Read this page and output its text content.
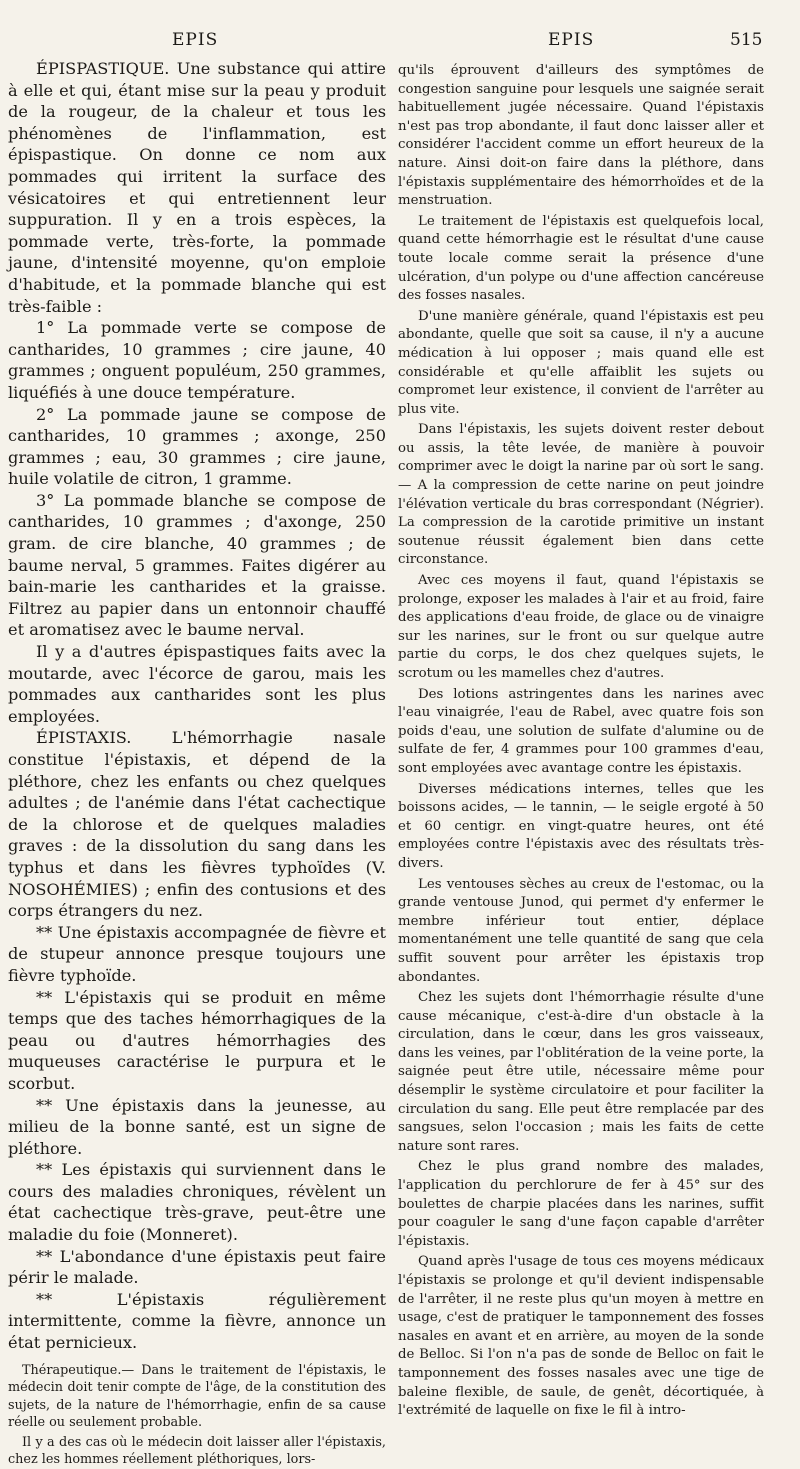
EPIS	EPIS	515

ÉPISPASTIQUE. Une substance qui attire à elle et qui, étant mise sur la peau y produit de la rougeur, de la chaleur et tous les phénomènes de l'inflammation, est épispastique. On donne ce nom aux pommades qui irritent la surface des vésicatoires et qui entretiennent leur suppuration. Il y en a trois espèces, la pommade verte, très-forte, la pommade jaune, d'intensité moyenne, qu'on emploie d'habitude, et la pommade blanche qui est très-faible :

1° La pommade verte se compose de cantharides, 10 grammes ; cire jaune, 40 grammes ; onguent populéum, 250 grammes, liquéfiés à une douce température.

2° La pommade jaune se compose de cantharides, 10 grammes ; axonge, 250 grammes ; eau, 30 grammes ; cire jaune, huile volatile de citron, 1 gramme.

3° La pommade blanche se compose de cantharides, 10 grammes ; d'axonge, 250 gram. de cire blanche, 40 grammes ; de baume nerval, 5 grammes. Faites digérer au bain-marie les cantharides et la graisse. Filtrez au papier dans un entonnoir chauffé et aromatisez avec le baume nerval.

Il y a d'autres épispastiques faits avec la moutarde, avec l'écorce de garou, mais les pommades aux cantharides sont les plus employées.

ÉPISTAXIS. L'hémorrhagie nasale constitue l'épistaxis, et dépend de la pléthore, chez les enfants ou chez quelques adultes ; de l'anémie dans l'état cachectique de la chlorose et de quelques maladies graves : de la dissolution du sang dans les typhus et dans les fièvres typhoïdes (V. NOSOHÉMIES) ; enfin des contusions et des corps étrangers du nez.

** Une épistaxis accompagnée de fièvre et de stupeur annonce presque toujours une fièvre typhoïde.

** L'épistaxis qui se produit en même temps que des taches hémorrhagiques de la peau ou d'autres hémorrhagies des muqueuses caractérise le purpura et le scorbut.

** Une épistaxis dans la jeunesse, au milieu de la bonne santé, est un signe de pléthore.

** Les épistaxis qui surviennent dans le cours des maladies chroniques, révèlent un état cachectique très-grave, peut-être une maladie du foie (Monneret).

** L'abondance d'une épistaxis peut faire périr le malade.

** L'épistaxis régulièrement intermittente, comme la fièvre, annonce un état pernicieux.

Thérapeutique.— Dans le traitement de l'épistaxis, le médecin doit tenir compte de l'âge, de la constitution des sujets, de la nature de l'hémorrhagie, enfin de sa cause réelle ou seulement probable.

Il y a des cas où le médecin doit laisser aller l'épistaxis, chez les hommes réellement pléthoriques, lors-

qu'ils éprouvent d'ailleurs des symptômes de congestion sanguine pour lesquels une saignée serait habituellement jugée nécessaire. Quand l'épistaxis n'est pas trop abondante, il faut donc laisser aller et considérer l'accident comme un effort heureux de la nature. Ainsi doit-on faire dans la pléthore, dans l'épistaxis supplémentaire des hémorrhoïdes et de la menstruation.

Le traitement de l'épistaxis est quelquefois local, quand cette hémorrhagie est le résultat d'une cause toute locale comme serait la présence d'une ulcération, d'un polype ou d'une affection cancéreuse des fosses nasales.

D'une manière générale, quand l'épistaxis est peu abondante, quelle que soit sa cause, il n'y a aucune médication à lui opposer ; mais quand elle est considérable et qu'elle affaiblit les sujets ou compromet leur existence, il convient de l'arrêter au plus vite.

Dans l'épistaxis, les sujets doivent rester debout ou assis, la tête levée, de manière à pouvoir comprimer avec le doigt la narine par où sort le sang. — A la compression de cette narine on peut joindre l'élévation verticale du bras correspondant (Négrier). La compression de la carotide primitive un instant soutenue réussit également bien dans cette circonstance.

Avec ces moyens il faut, quand l'épistaxis se prolonge, exposer les malades à l'air et au froid, faire des applications d'eau froide, de glace ou de vinaigre sur les narines, sur le front ou sur quelque autre partie du corps, le dos chez quelques sujets, le scrotum ou les mamelles chez d'autres.

Des lotions astringentes dans les narines avec l'eau vinaigrée, l'eau de Rabel, avec quatre fois son poids d'eau, une solution de sulfate d'alumine ou de sulfate de fer, 4 grammes pour 100 grammes d'eau, sont employées avec avantage contre les épistaxis.

Diverses médications internes, telles que les boissons acides, — le tannin, — le seigle ergoté à 50 et 60 centigr. en vingt-quatre heures, ont été employées contre l'épistaxis avec des résultats très-divers.

Les ventouses sèches au creux de l'estomac, ou la grande ventouse Junod, qui permet d'y enfermer le membre inférieur tout entier, déplace momentanément une telle quantité de sang que cela suffit souvent pour arrêter les épistaxis trop abondantes.

Chez les sujets dont l'hémorrhagie résulte d'une cause mécanique, c'est-à-dire d'un obstacle à la circulation, dans le cœur, dans les gros vaisseaux, dans les veines, par l'oblitération de la veine porte, la saignée peut être utile, nécessaire même pour désemplir le système circulatoire et pour faciliter la circulation du sang. Elle peut être remplacée par des sangsues, selon l'occasion ; mais les faits de cette nature sont rares.

Chez le plus grand nombre des malades, l'application du perchlorure de fer à 45° sur des boulettes de charpie placées dans les narines, suffit pour coaguler le sang d'une façon capable d'arrêter l'épistaxis.

Quand après l'usage de tous ces moyens médicaux l'épistaxis se prolonge et qu'il devient indispensable de l'arrêter, il ne reste plus qu'un moyen à mettre en usage, c'est de pratiquer le tamponnement des fosses nasales en avant et en arrière, au moyen de la sonde de Belloc. Si l'on n'a pas de sonde de Belloc on fait le tamponnement des fosses nasales avec une tige de baleine flexible, de saule, de genêt, décortiquée, à l'extrémité de laquelle on fixe le fil à intro-
